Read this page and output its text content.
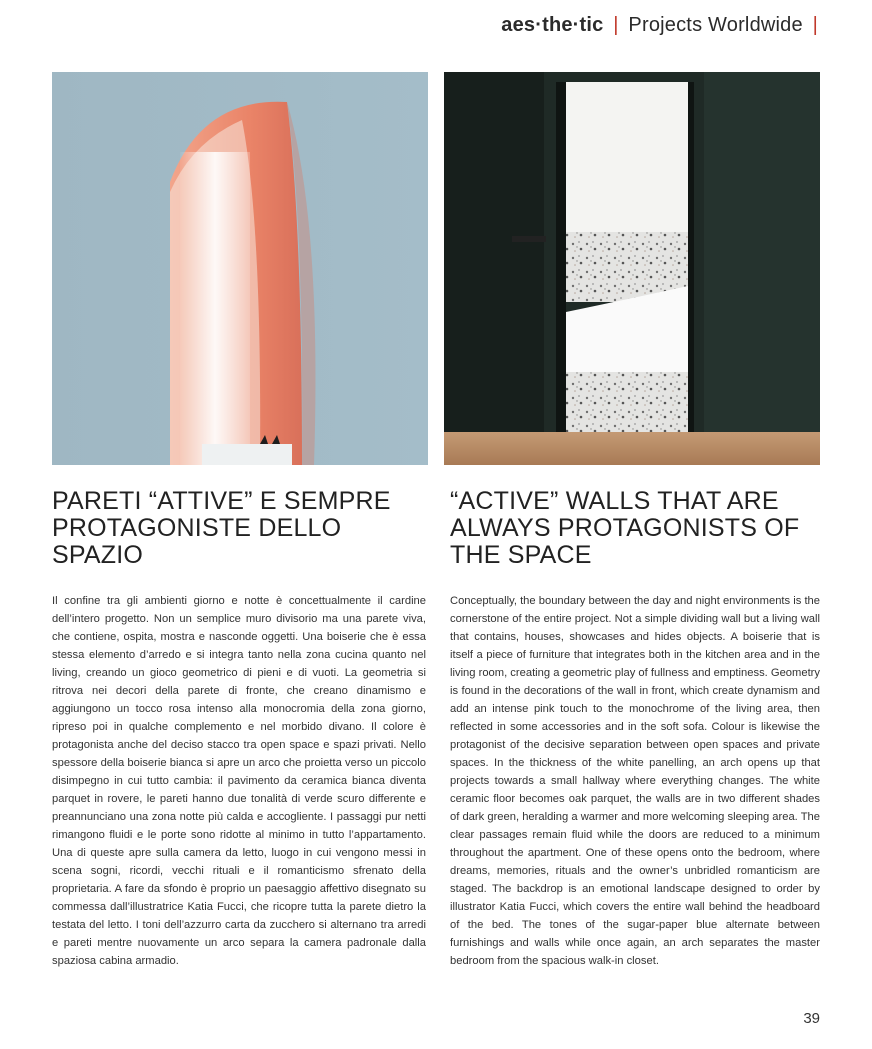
aes·the·tic | Projects Worldwide |
PARETI “ATTIVE” E SEMPRE PROTAGONISTE DELLO SPAZIO
“ACTIVE” WALLS THAT ARE ALWAYS PROTAGONISTS OF THE SPACE

Il confine tra gli ambienti giorno e notte è concettualmente il cardine dell’intero progetto. Non un semplice muro divisorio ma una parete viva, che contiene, ospita, mostra e nasconde oggetti. Una boiserie che è essa stessa elemento d’arredo e si integra tanto nella zona cucina quanto nel living, creando un gioco geometrico di pieni e di vuoti. La geometria si ritrova nei decori della parete di fronte, che creano dinamismo e aggiungono un tocco rosa intenso alla monocromia della zona giorno, ripreso poi in qualche complemento e nel morbido divano. Il colore è protagonista anche del deciso stacco tra open space e spazi privati. Nello spessore della boiserie bianca si apre un arco che proietta verso un piccolo disimpegno in cui tutto cambia: il pavimento da ceramica bianca diventa parquet in rovere, le pareti hanno due tonalità di verde scuro differente e preannunciano una zona notte più calda e accogliente. I passaggi pur netti rimangono fluidi e le porte sono ridotte al minimo in tutto l’appartamento. Una di queste apre sulla camera da letto, luogo in cui vengono messi in scena sogni, ricordi, vecchi rituali e il romanticismo sfrenato della proprietaria. A fare da sfondo è proprio un paesaggio affettivo disegnato su commessa dall’illustratrice Katia Fucci, che ricopre tutta la parete dietro la testata del letto. I toni dell’azzurro carta da zucchero si alternano tra arredi e pareti mentre nuovamente un arco separa la camera padronale dalla spaziosa cabina armadio.

Conceptually, the boundary between the day and night environments is the cornerstone of the entire project. Not a simple dividing wall but a living wall that contains, houses, showcases and hides objects. A boiserie that is itself a piece of furniture that integrates both in the kitchen area and in the living room, creating a geometric play of fullness and emptiness. Geometry is found in the decorations of the wall in front, which create dynamism and add an intense pink touch to the monochrome of the living area, then reflected in some accessories and in the soft sofa. Colour is likewise the protagonist of the decisive separation between open spaces and private spaces. In the thickness of the white panelling, an arch opens up that projects towards a small hallway where everything changes. The white ceramic floor becomes oak parquet, the walls are in two different shades of dark green, heralding a warmer and more welcoming sleeping area. The clear passages remain fluid while the doors are reduced to a minimum throughout the apartment. One of these opens onto the bedroom, where dreams, memories, rituals and the owner’s unbridled romanticism are staged. The backdrop is an emotional landscape designed to order by illustrator Katia Fucci, which covers the entire wall behind the headboard of the bed. The tones of the sugar-paper blue alternate between furnishings and walls while once again, an arch separates the master bedroom from the spacious walk-in closet.

39
